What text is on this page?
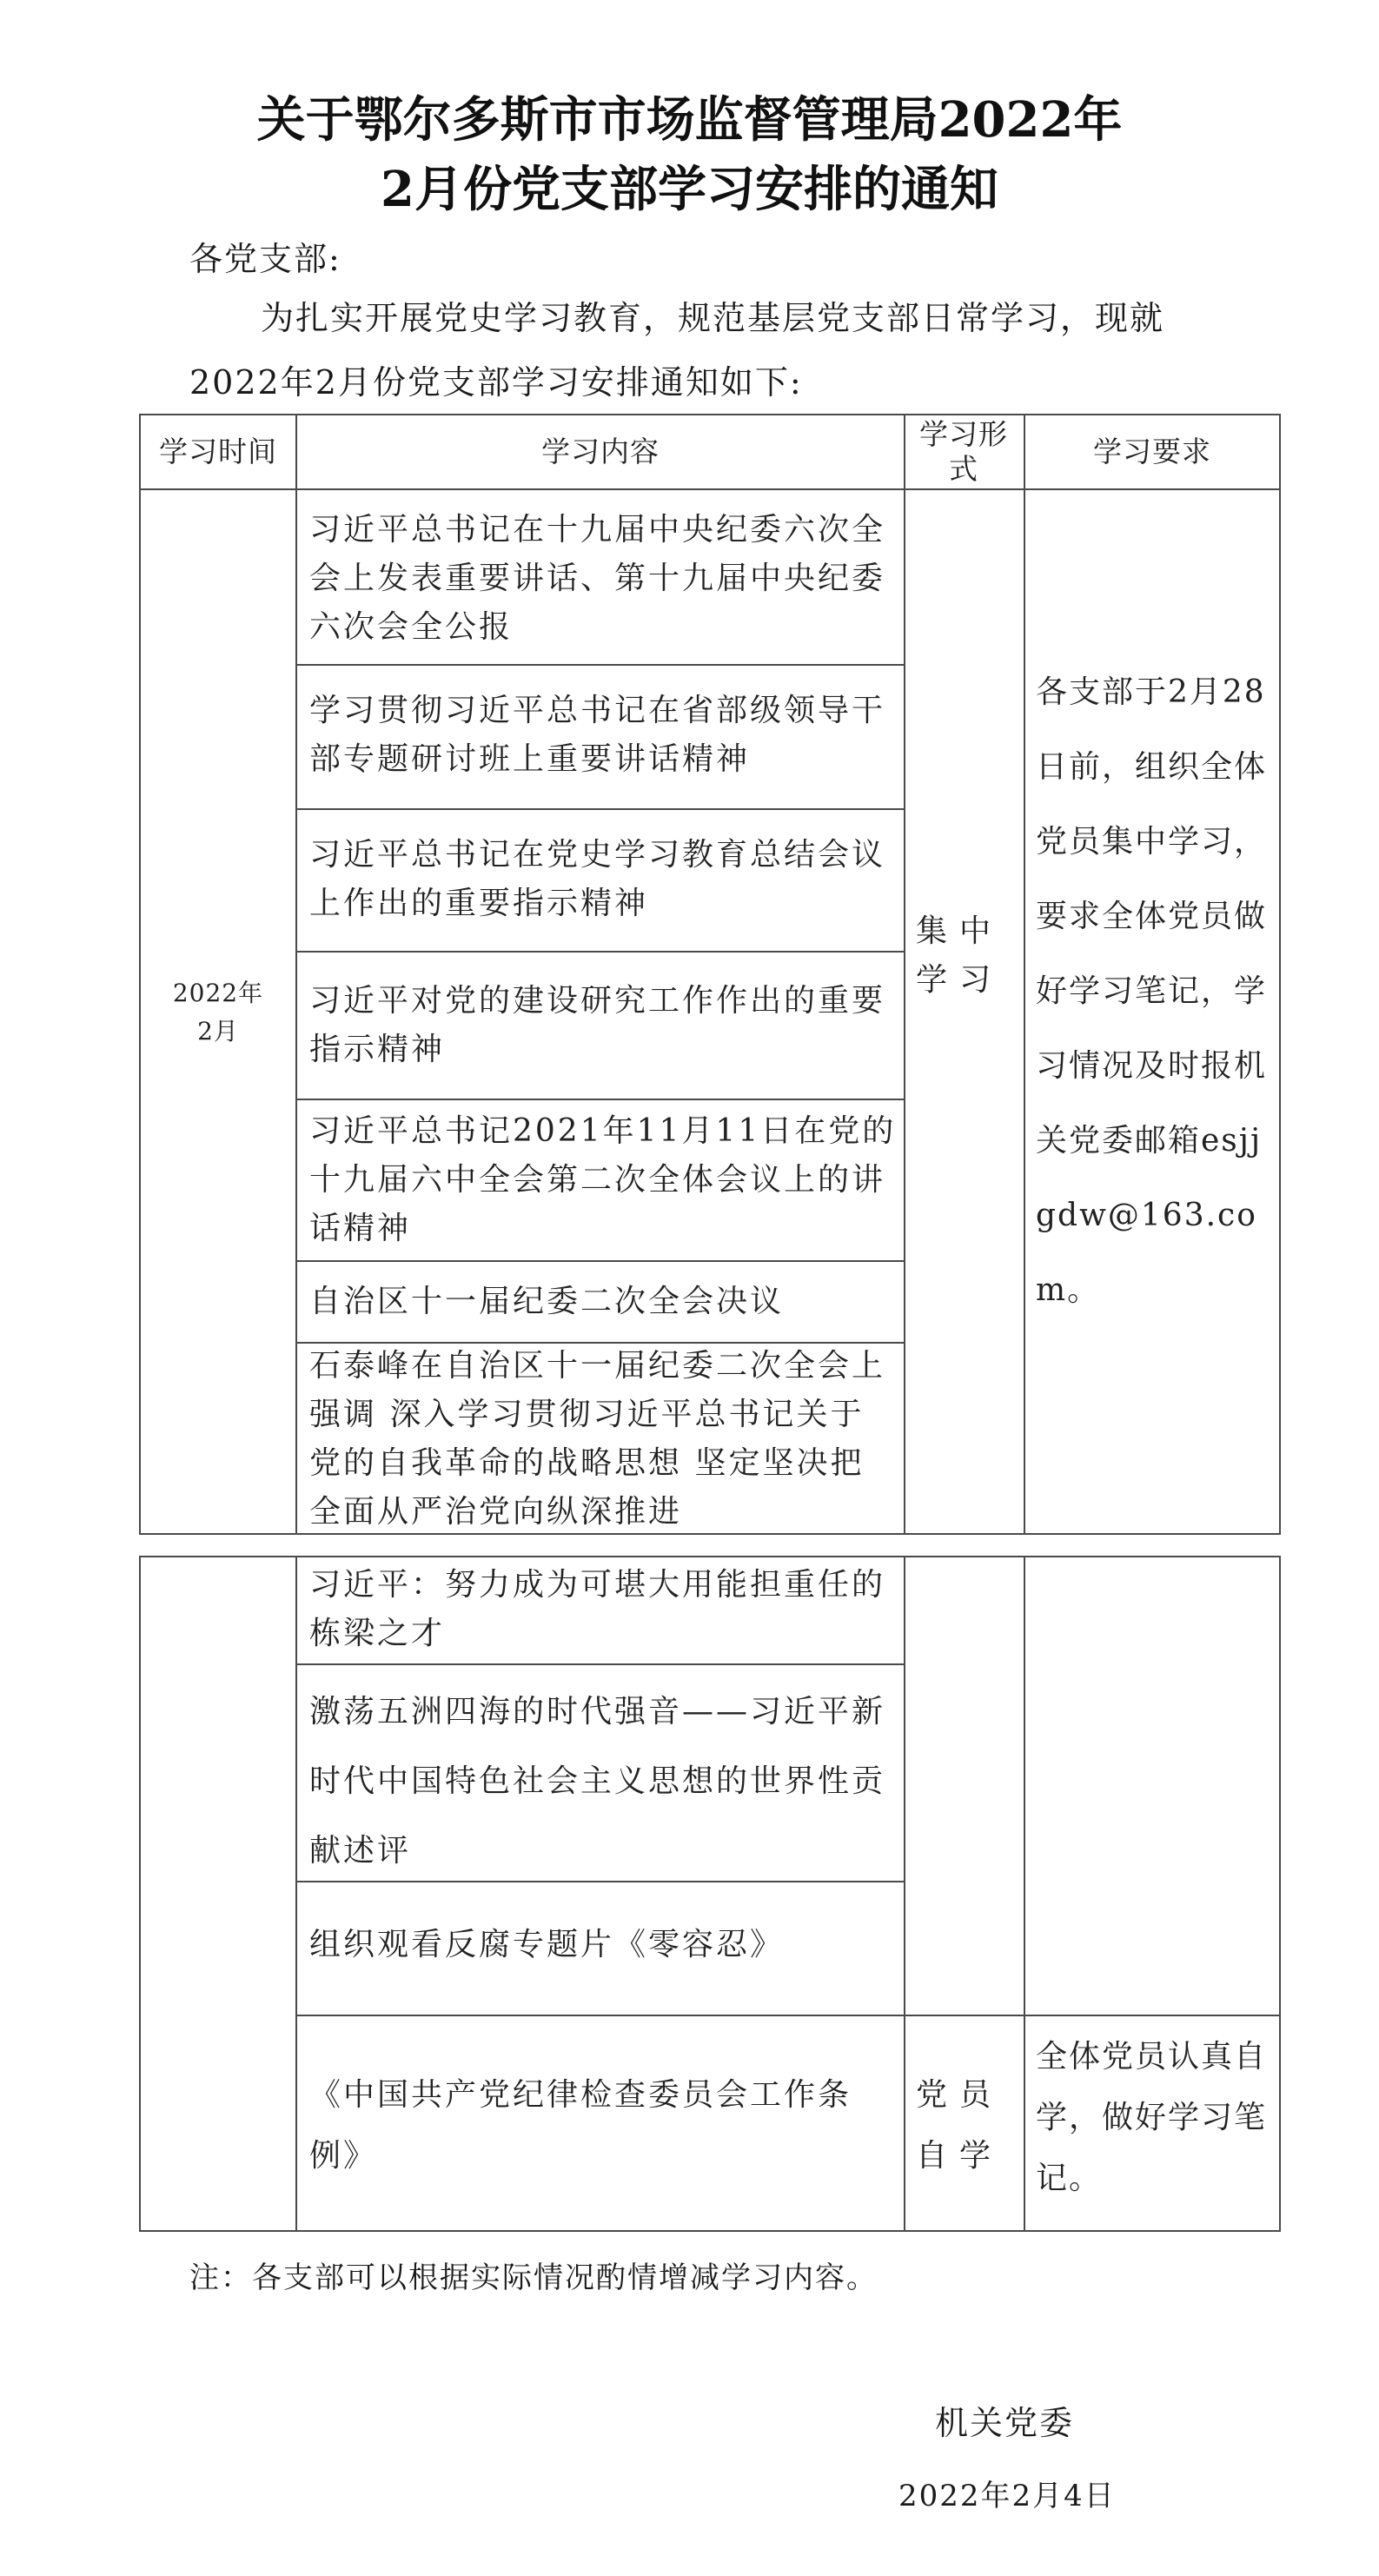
关于鄂尔多斯市市场监督管理局2022年
2月份党支部学习安排的通知
各党支部:
为扎实开展党史学习教育，规范基层党支部日常学习，现就
2022年2月份党支部学习安排通知如下:
学习时间	学习内容
学习形式
学习要求
2022年2月
习近平总书记在十九届中央纪委六次全会上发表重要讲话、第十九届中央纪委六次会全公报
学习贯彻习近平总书记在省部级领导干部专题研讨班上重要讲话精神
习近平总书记在党史学习教育总结会议上作出的重要指示精神
习近平对党的建设研究工作作出的重要指示精神
习近平总书记2021年11月11日在党的十九届六中全会第二次全体会议上的讲话精神
自治区十一届纪委二次全会决议
石泰峰在自治区十一届纪委二次全会上强调 深入学习贯彻习近平总书记关于党的自我革命的战略思想 坚定坚决把全面从严治党向纵深推进
集中学习
各支部于2月28日前，组织全体党员集中学习，要求全体党员做好学习笔记，学习情况及时报机关党委邮箱esjjgdw@163.com。
习近平：努力成为可堪大用能担重任的栋梁之才
激荡五洲四海的时代强音——习近平新时代中国特色社会主义思想的世界性贡献述评
组织观看反腐专题片《零容忍》
《中国共产党纪律检查委员会工作条例》
党员自学
全体党员认真自学，做好学习笔记。
注：各支部可以根据实际情况酌情增减学习内容。
机关党委
2022年2月4日
